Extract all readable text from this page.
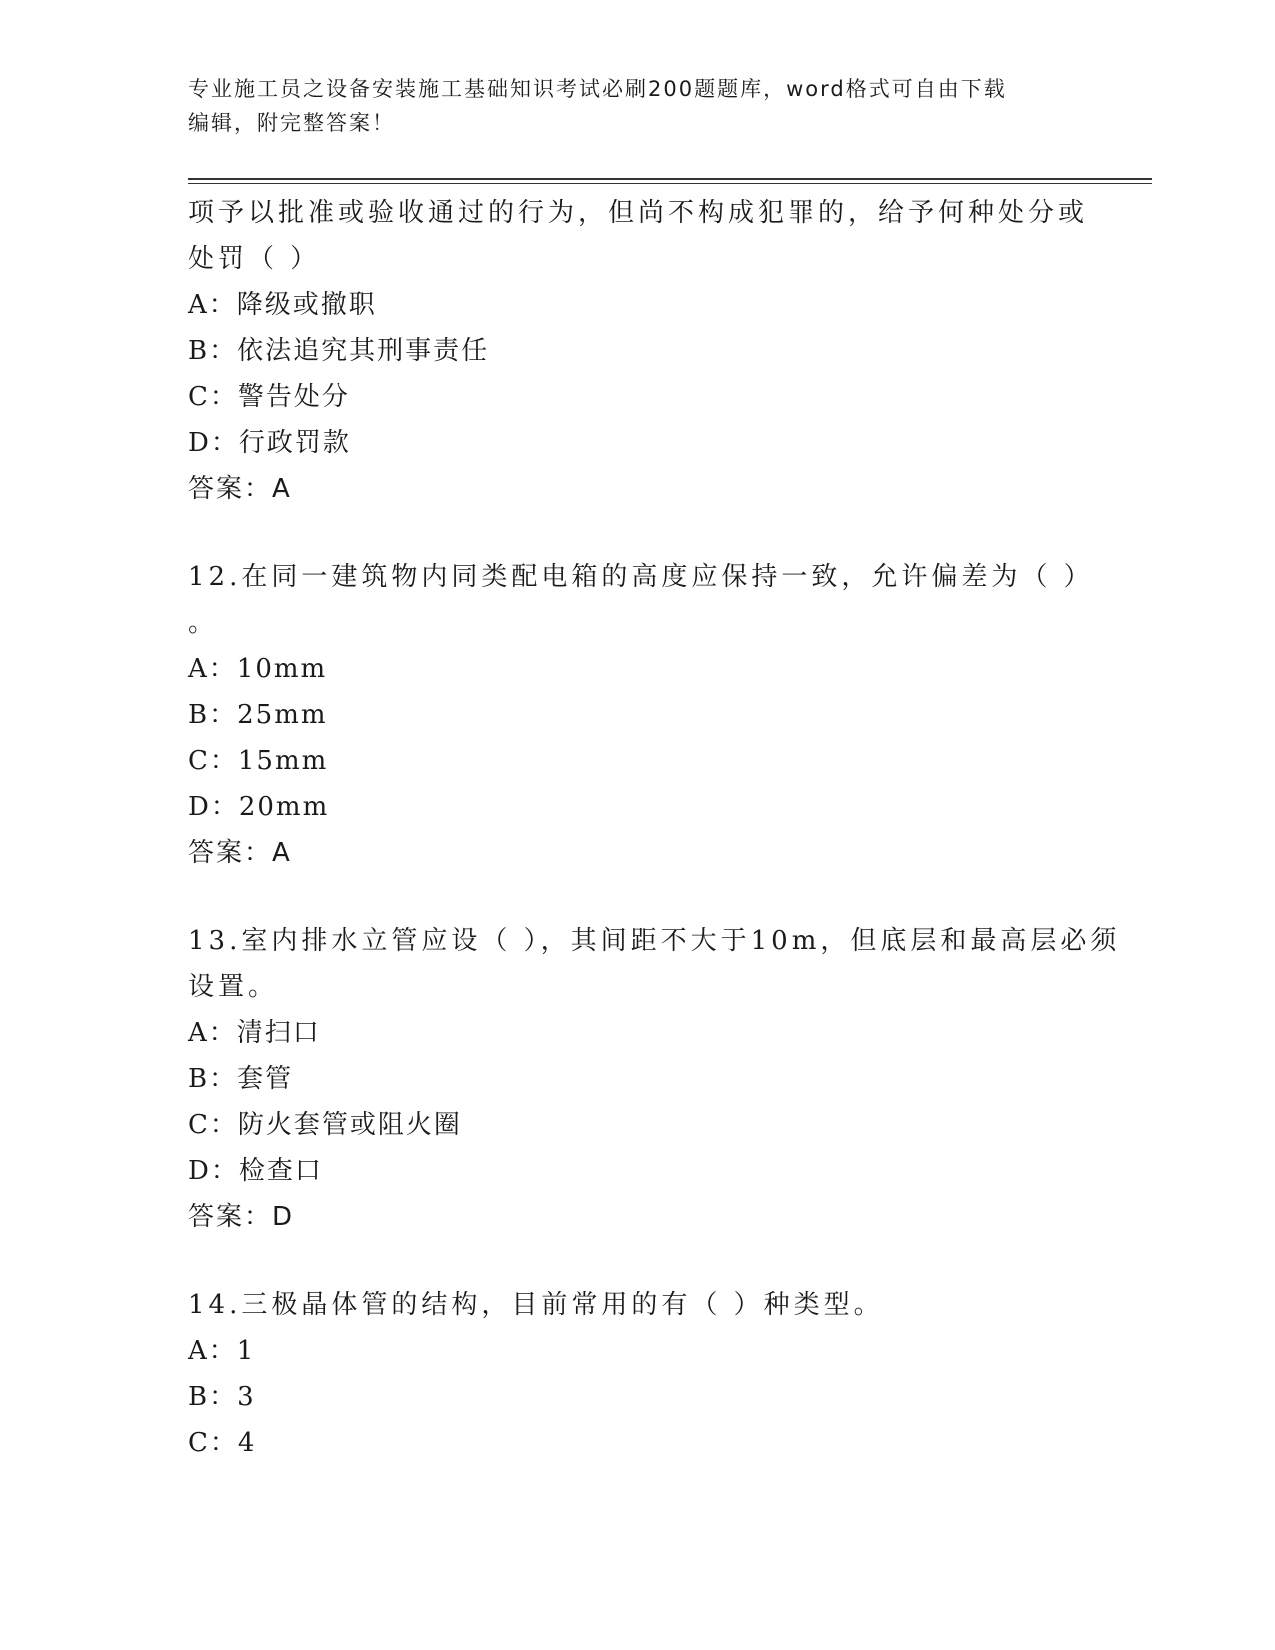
专业施工员之设备安装施工基础知识考试必刷200题题库，word格式可自由下载
编辑，附完整答案！
项予以批准或验收通过的行为，但尚不构成犯罪的，给予何种处分或
处罚（ ）
A：降级或撤职
B：依法追究其刑事责任
C：警告处分
D：行政罚款
答案：A
12.在同一建筑物内同类配电箱的高度应保持一致，允许偏差为（ ）
。
A：10mm
B：25mm
C：15mm
D：20mm
答案：A
13.室内排水立管应设（ ），其间距不大于10m，但底层和最高层必须
设置。
A：清扫口
B：套管
C：防火套管或阻火圈
D：检查口
答案：D
14.三极晶体管的结构，目前常用的有（ ）种类型。
A：1
B：3
C：4
